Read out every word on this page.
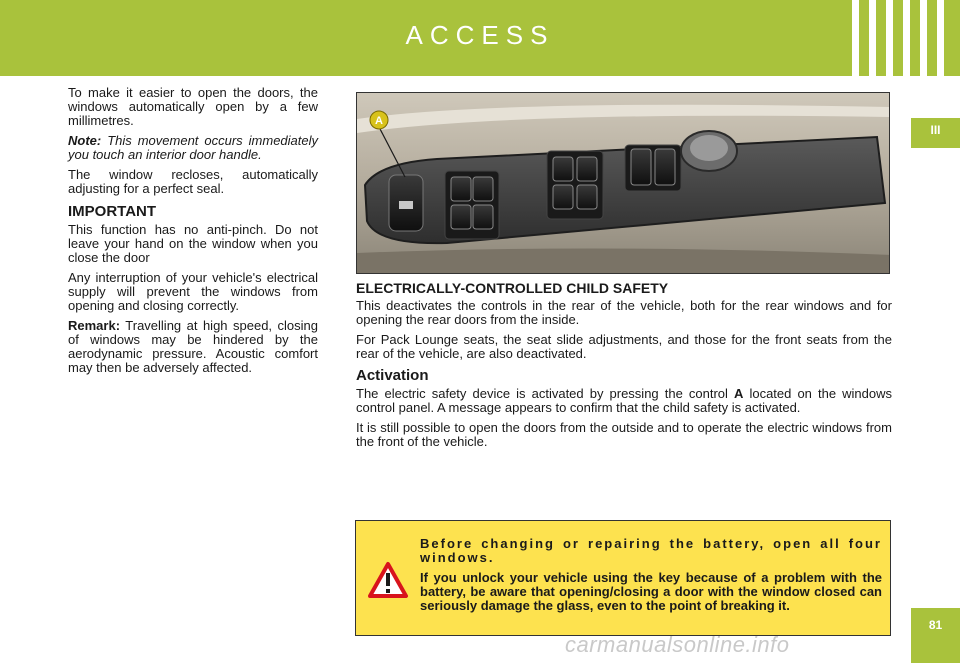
ACCESS
III

To make it easier to open the doors, the windows automatically open by a few millimetres.

Note: This movement occurs immediately you touch an interior door handle.

The window recloses, automatically adjusting for a perfect seal.

IMPORTANT

This function has no anti-pinch. Do not leave your hand on the window when you close the door

Any interruption of your vehicle's electrical supply will prevent the windows from opening and closing correctly.

Remark: Travelling at high speed, closing of windows may be hindered by the aerodynamic pressure. Acoustic comfort may then be adversely affected.

A
ELECTRICALLY-CONTROLLED CHILD SAFETY

This deactivates the controls in the rear of the vehicle, both for the rear windows and for opening the rear doors from the inside.

For Pack Lounge seats, the seat slide adjustments, and those for the front seats from the rear of the vehicle, are also deactivated.

Activation

The electric safety device is activated by pressing the control A located on the windows control panel. A message appears to confirm that the child safety is activated.

It is still possible to open the doors from the outside and to operate the electric windows from the front of the vehicle.

Before changing or repairing the battery, open all four windows.

If you unlock your vehicle using the key because of a problem with the battery, be aware that opening/closing a door with the window closed can seriously damage the glass, even to the point of breaking it.

81
carmanualsonline.info
